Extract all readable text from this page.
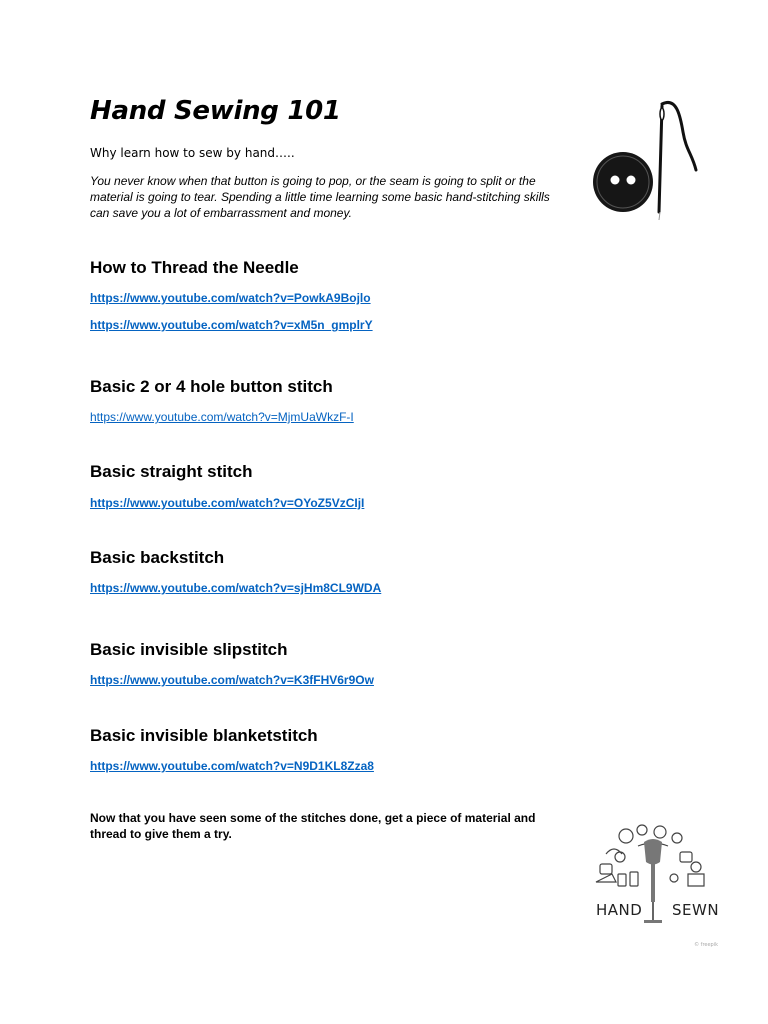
Hand Sewing 101
Why learn how to sew by hand…..
You never know when that button is going to pop, or the seam is going to split or the material is going to tear. Spending a little time learning some basic hand-stitching skills can save you a lot of embarrassment and money.
How to Thread the Needle
https://www.youtube.com/watch?v=PowkA9Bojlo
https://www.youtube.com/watch?v=xM5n_gmplrY
Basic 2 or 4 hole button stitch
https://www.youtube.com/watch?v=MjmUaWkzF-I
Basic straight stitch
https://www.youtube.com/watch?v=OYoZ5VzCIjI
Basic backstitch
https://www.youtube.com/watch?v=sjHm8CL9WDA
Basic invisible slipstitch
https://www.youtube.com/watch?v=K3fFHV6r9Ow
Basic invisible blanketstitch
https://www.youtube.com/watch?v=N9D1KL8Zza8
Now that you have seen some of the stitches done, get a piece of material and thread to give them a try.
© freepik
HAND SEWN
